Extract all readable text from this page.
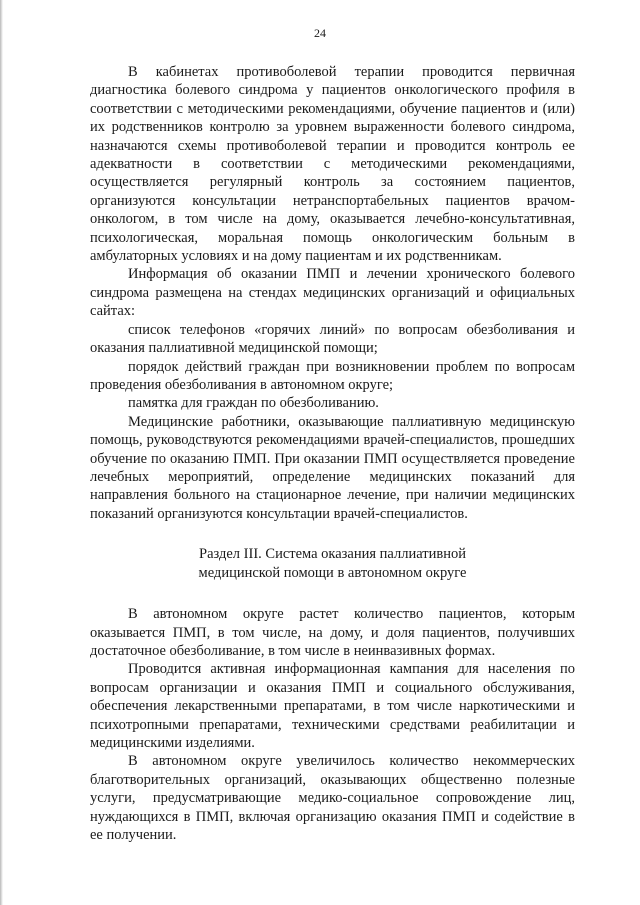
24

В кабинетах противоболевой терапии проводится первичная диагностика болевого синдрома у пациентов онкологического профиля в соответствии с методическими рекомендациями, обучение пациентов и (или) их родственников контролю за уровнем выраженности болевого синдрома, назначаются схемы противоболевой терапии и проводится контроль ее адекватности в соответствии с методическими рекомендациями, осуществляется регулярный контроль за состоянием пациентов, организуются консультации нетранспортабельных пациентов врачом-онкологом, в том числе на дому, оказывается лечебно-консультативная, психологическая, моральная помощь онкологическим больным в амбулаторных условиях и на дому пациентам и их родственникам.

Информация об оказании ПМП и лечении хронического болевого синдрома размещена на стендах медицинских организаций и официальных сайтах:

список телефонов «горячих линий» по вопросам обезболивания и оказания паллиативной медицинской помощи;

порядок действий граждан при возникновении проблем по вопросам проведения обезболивания в автономном округе;

памятка для граждан по обезболиванию.

Медицинские работники, оказывающие паллиативную медицинскую помощь, руководствуются рекомендациями врачей-специалистов, прошедших обучение по оказанию ПМП. При оказании ПМП осуществляется проведение лечебных мероприятий, определение медицинских показаний для направления больного на стационарное лечение, при наличии медицинских показаний организуются консультации врачей-специалистов.

Раздел III. Система оказания паллиативной
медицинской помощи в автономном округе

В автономном округе растет количество пациентов, которым оказывается ПМП, в том числе, на дому, и доля пациентов, получивших достаточное обезболивание, в том числе в неинвазивных формах.

Проводится активная информационная кампания для населения по вопросам организации и оказания ПМП и социального обслуживания, обеспечения лекарственными препаратами, в том числе наркотическими и психотропными препаратами, техническими средствами реабилитации и медицинскими изделиями.

В автономном округе увеличилось количество некоммерческих благотворительных организаций, оказывающих общественно полезные услуги, предусматривающие медико-социальное сопровождение лиц, нуждающихся в ПМП, включая организацию оказания ПМП и содействие в ее получении.
